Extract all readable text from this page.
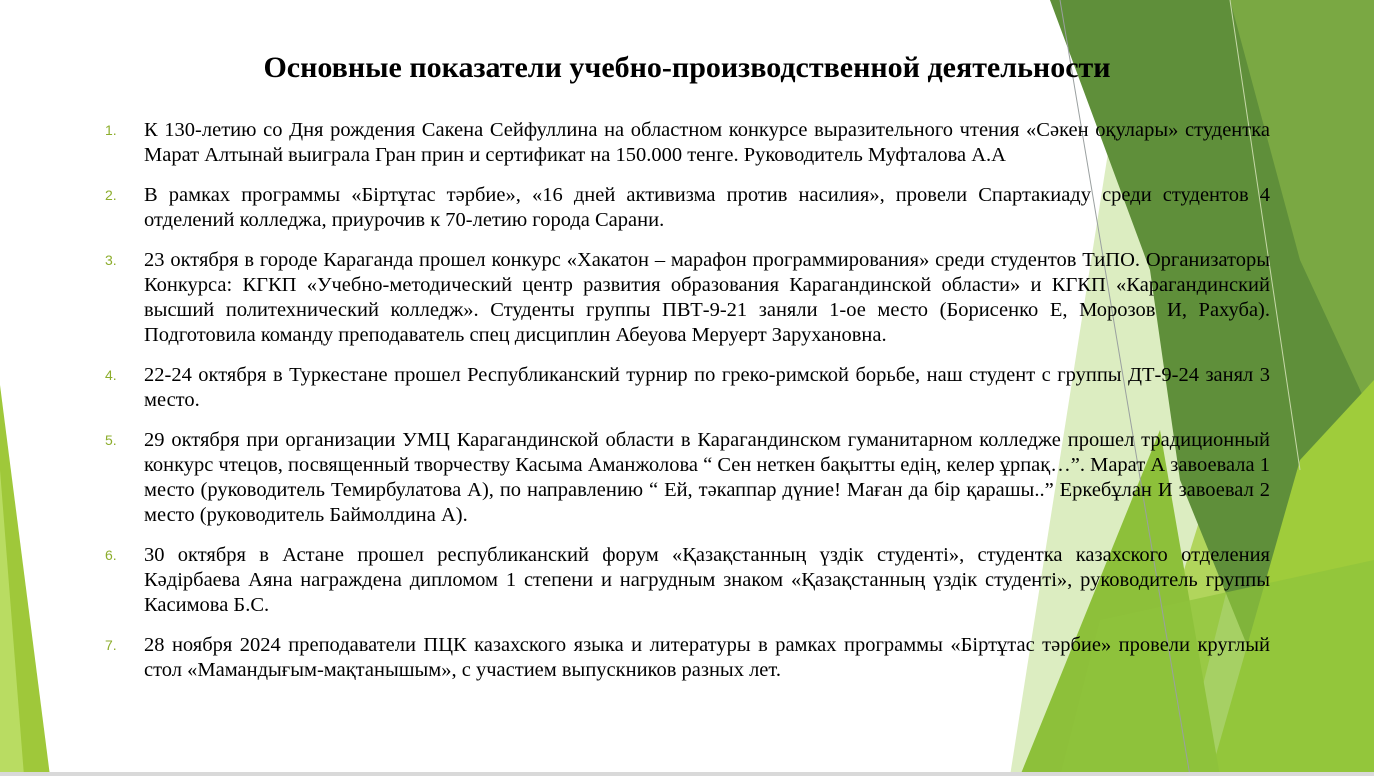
Основные показатели учебно-производственной деятельности
1. К 130-летию со Дня рождения Сакена Сейфуллина на областном конкурсе выразительного чтения «Сәкен оқулары» студентка Марат Алтынай выиграла Гран прин и сертификат на 150.000 тенге. Руководитель Муфталова А.А
2. В рамках программы «Біртұтас тәрбие», «16 дней активизма против насилия», провели Спартакиаду среди студентов 4 отделений колледжа, приурочив к 70-летию города Сарани.
3. 23 октября в городе Караганда прошел конкурс «Хакатон – марафон программирования» среди студентов ТиПО. Организаторы Конкурса: КГКП «Учебно-методический центр развития образования Карагандинской области» и КГКП «Карагандинский высший политехнический колледж». Студенты группы ПВТ-9-21 заняли 1-ое место (Борисенко Е, Морозов И, Рахуба). Подготовила команду преподаватель спец дисциплин Абеуова Меруерт Зарухановна.
4. 22-24 октября в Туркестане прошел Республиканский турнир по греко-римской борьбе, наш студент с группы ДТ-9-24 занял 3 место.
5. 29 октября при организации УМЦ Карагандинской области в Карагандинском гуманитарном колледже прошел традиционный конкурс чтецов, посвященный творчеству Касыма Аманжолова “ Сен неткен бақытты едің, келер ұрпақ…”. Марат А завоевала 1 место (руководитель Темирбулатова А), по направлению “ Ей, тәкаппар дүние! Маған да бір қарашы..” Еркебұлан И завоевал 2 место (руководитель Баймолдина А).
6. 30 октября в Астане прошел республиканский форум «Қазақстанның үздік студенті», студентка казахского отделения Кәдірбаева Аяна награждена дипломом 1 степени и нагрудным знаком «Қазақстанның үздік студенті», руководитель группы Касимова Б.С.
7. 28 ноября 2024 преподаватели ПЦК казахского языка и литературы в рамках программы «Біртұтас тәрбие» провели круглый стол «Мамандығым-мақтанышым», с участием выпускников разных лет.
